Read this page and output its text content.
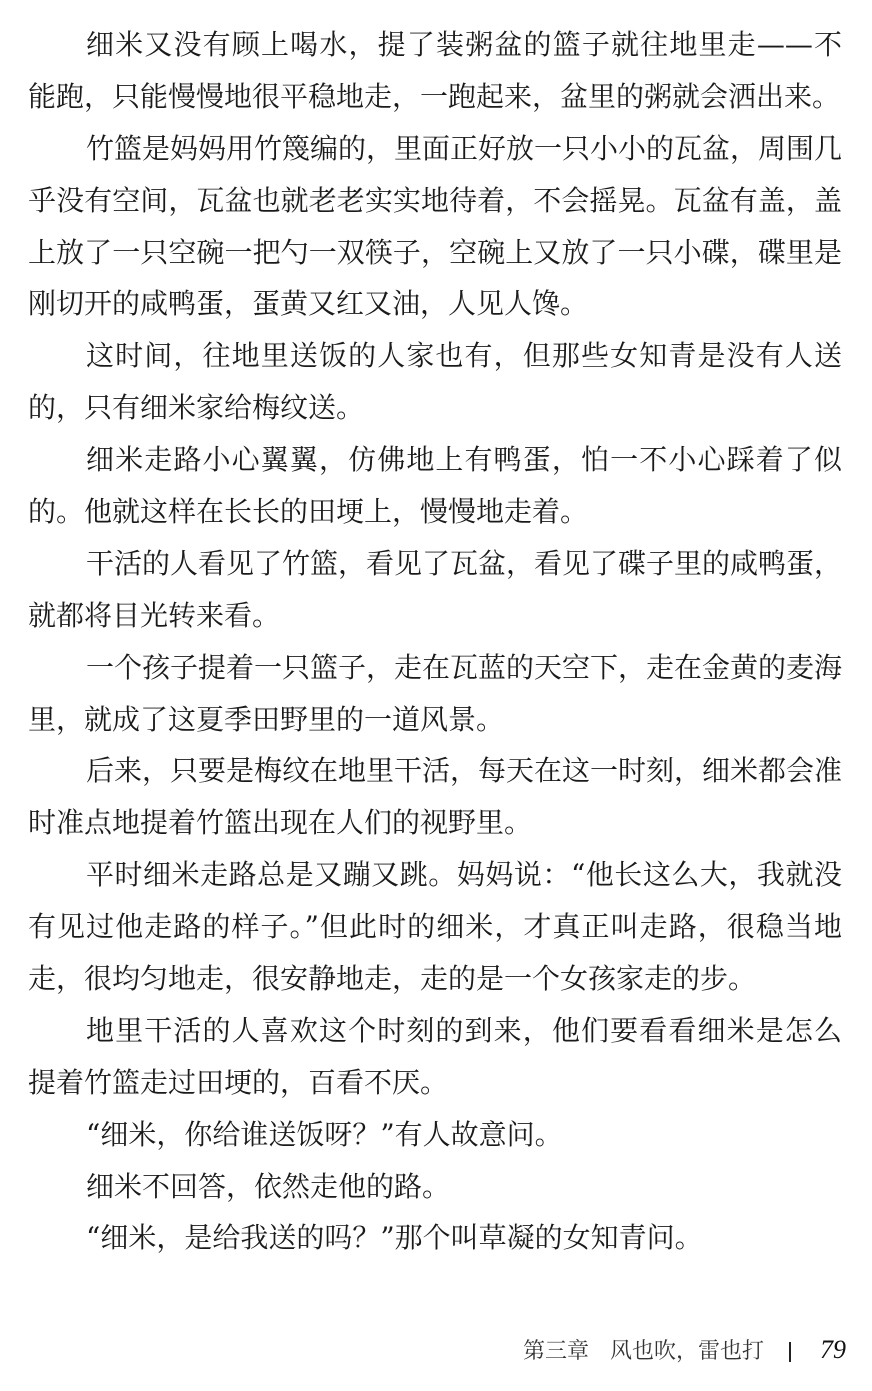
细米又没有顾上喝水，提了装粥盆的篮子就往地里走——不
能跑，只能慢慢地很平稳地走，一跑起来，盆里的粥就会洒出来。
竹篮是妈妈用竹篾编的，里面正好放一只小小的瓦盆，周围几
乎没有空间，瓦盆也就老老实实地待着，不会摇晃。瓦盆有盖，盖
上放了一只空碗一把勺一双筷子，空碗上又放了一只小碟，碟里是
刚切开的咸鸭蛋，蛋黄又红又油，人见人馋。
这时间，往地里送饭的人家也有，但那些女知青是没有人送
的，只有细米家给梅纹送。
细米走路小心翼翼，仿佛地上有鸭蛋，怕一不小心踩着了似
的。他就这样在长长的田埂上，慢慢地走着。
干活的人看见了竹篮，看见了瓦盆，看见了碟子里的咸鸭蛋，
就都将目光转来看。
一个孩子提着一只篮子，走在瓦蓝的天空下，走在金黄的麦海
里，就成了这夏季田野里的一道风景。
后来，只要是梅纹在地里干活，每天在这一时刻，细米都会准
时准点地提着竹篮出现在人们的视野里。
平时细米走路总是又蹦又跳。妈妈说：“他长这么大，我就没
有见过他走路的样子。”但此时的细米，才真正叫走路，很稳当地
走，很均匀地走，很安静地走，走的是一个女孩家走的步。
地里干活的人喜欢这个时刻的到来，他们要看看细米是怎么
提着竹篮走过田埂的，百看不厌。
“细米，你给谁送饭呀？”有人故意问。
细米不回答，依然走他的路。
“细米，是给我送的吗？”那个叫草凝的女知青问。
第三章 风也吹，雷也打 79
